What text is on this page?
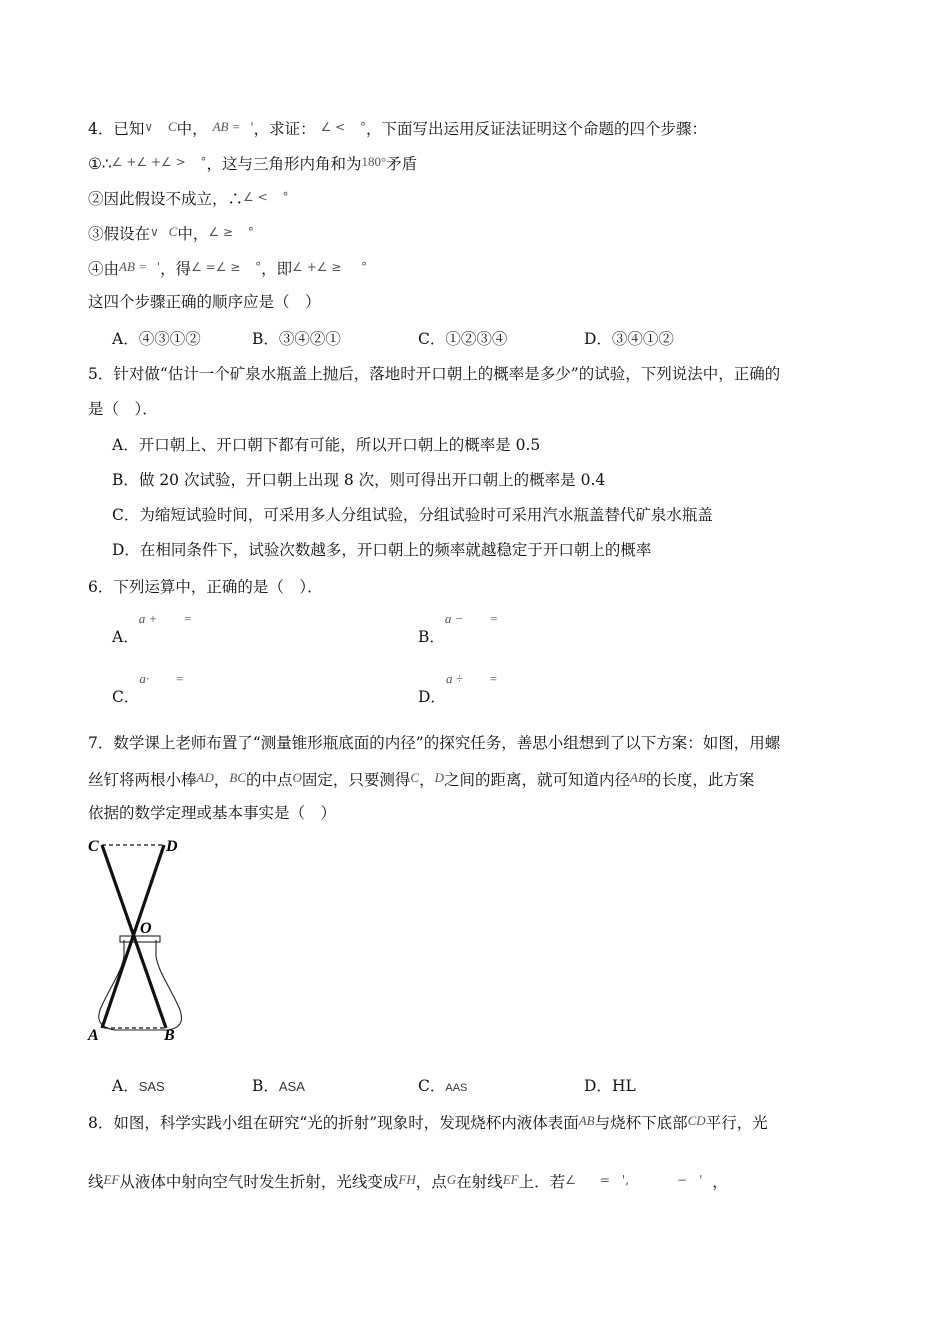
4．已知∨ C中， AB = '，求证： ∠ < °，下面写出运用反证法证明这个命题的四个步骤：
①∴∠ +∠ +∠ > °，这与三角形内角和为180°矛盾
②因此假设不成立，∴∠ < °
③假设在∨ C中，∠ ≥ °
④由AB = '，得∠ =∠ ≥ °，即∠ +∠ ≥ °
这四个步骤正确的顺序应是（　）
A．④③①②	B．③④②①	C．①②③④	D．③④①②
5．针对做“估计一个矿泉水瓶盖上抛后，落地时开口朝上的概率是多少”的试验，下列说法中，正确的
是（　）．
A．开口朝上、开口朝下都有可能，所以开口朝上的概率是 0.5
B．做 20 次试验，开口朝上出现 8 次，则可得出开口朝上的概率是 0.4
C．为缩短试验时间，可采用多人分组试验，分组试验时可采用汽水瓶盖替代矿泉水瓶盖
D．在相同条件下，试验次数越多，开口朝上的频率就越稳定于开口朝上的概率
6．下列运算中，正确的是（　）．
A．$^{a + =}$
B．$^{a - =}$
C．$^{a\cdot =}$
D．$^{a \div =}$
7．数学课上老师布置了“测量锥形瓶底面的内径”的探究任务，善思小组想到了以下方案：如图，用螺
丝钉将两根小棒AD，BC的中点O固定，只要测得C，D之间的距离，就可知道内径AB的长度，此方案
依据的数学定理或基本事实是（　）
C	D
O
A	B
A．SAS	B．ASA	C．AAS	D．HL
8．如图，科学实践小组在研究“光的折射”现象时，发现烧杯内液体表面AB与烧杯下底部CD平行，光
线EF从液体中射向空气时发生折射，光线变成FH，点G在射线EF上．若∠　　=　',　　　　−　' ，
